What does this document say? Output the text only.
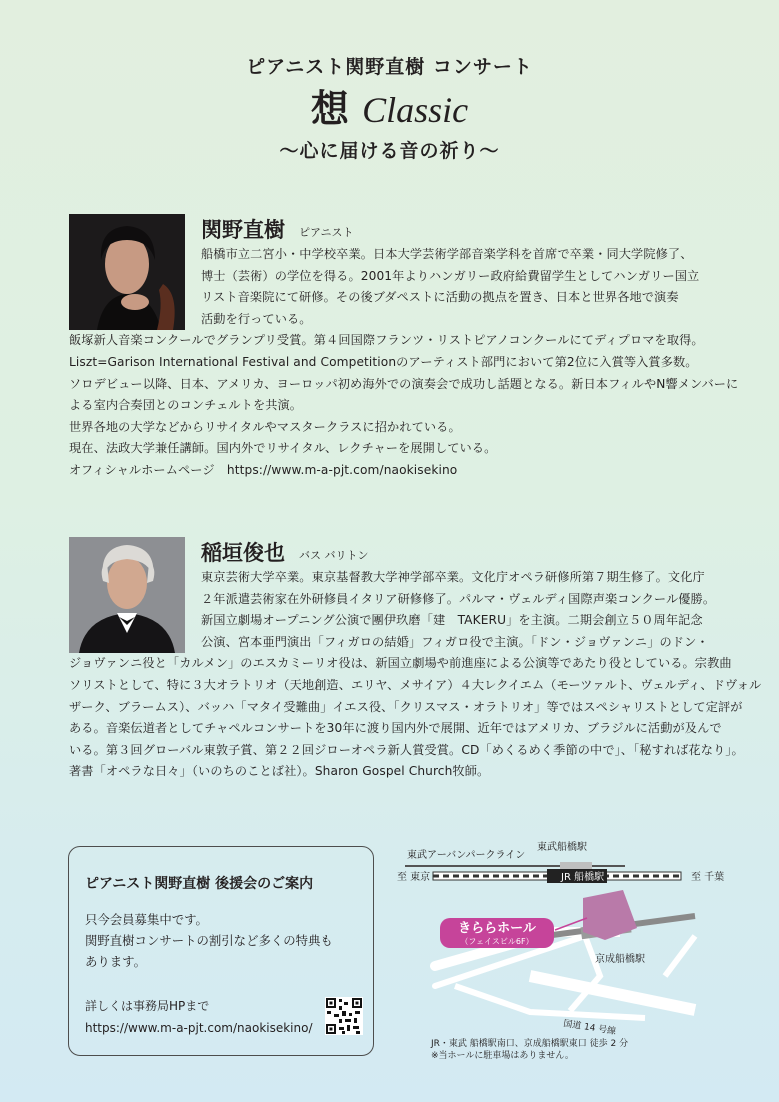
ピアニスト関野直樹 コンサート
想 Classic
〜心に届ける音の祈り〜
関野直樹 ピアニスト
船橋市立二宮小・中学校卒業。日本大学芸術学部音楽学科を首席で卒業・同大学院修了、
博士（芸術）の学位を得る。2001年よりハンガリー政府給費留学生としてハンガリー国立
リスト音楽院にて研修。その後ブダペストに活動の拠点を置き、日本と世界各地で演奏
活動を行っている。
飯塚新人音楽コンクールでグランプリ受賞。第４回国際フランツ・リストピアノコンクールにてディプロマを取得。
Liszt=Garison International Festival and Competitionのアーティスト部門において第2位に入賞等入賞多数。
ソロデビュー以降、日本、アメリカ、ヨーロッパ初め海外での演奏会で成功し話題となる。新日本フィルやN響メンバーに
よる室内合奏団とのコンチェルトを共演。
世界各地の大学などからリサイタルやマスタークラスに招かれている。
現在、法政大学兼任講師。国内外でリサイタル、レクチャーを展開している。
オフィシャルホームページ　https://www.m-a-pjt.com/naokisekino
稲垣俊也 バス バリトン
東京芸術大学卒業。東京基督教大学神学部卒業。文化庁オペラ研修所第７期生修了。文化庁
２年派遣芸術家在外研修員イタリア研修修了。パルマ・ヴェルディ国際声楽コンクール優勝。
新国立劇場オープニング公演で團伊玖磨「建　TAKERU」を主演。二期会創立５０周年記念
公演、宮本亜門演出「フィガロの結婚」フィガロ役で主演。「ドン・ジョヴァンニ」のドン・
ジョヴァンニ役と「カルメン」のエスカミーリオ役は、新国立劇場や前進座による公演等であたり役としている。宗教曲
ソリストとして、特に３大オラトリオ（天地創造、エリヤ、メサイア）４大レクイエム（モーツァルト、ヴェルディ、ドヴォル
ザーク、ブラームス）、バッハ「マタイ受難曲」イエス役、「クリスマス・オラトリオ」等ではスペシャリストとして定評が
ある。音楽伝道者としてチャペルコンサートを30年に渡り国内外で展開、近年ではアメリカ、ブラジルに活動が及んで
いる。第３回グローバル東敦子賞、第２２回ジローオペラ新人賞受賞。CD「めくるめく季節の中で」、「秘すれば花なり」。
著書「オペラな日々」（いのちのことば社）。Sharon Gospel Church牧師。
ピアニスト関野直樹 後援会のご案内
只今会員募集中です。
関野直樹コンサートの割引など多くの特典も
あります。
詳しくは事務局HPまで
https://www.m-a-pjt.com/naokisekino/
東武アーバンパークライン
東武船橋駅
JR 船橋駅
至 東京	至 千葉
京成船橋駅
きららホール
（フェイスビル6F）
国道 14 号線
JR・東武 船橋駅南口、京成船橋駅東口 徒歩 2 分
※当ホールに駐車場はありません。
